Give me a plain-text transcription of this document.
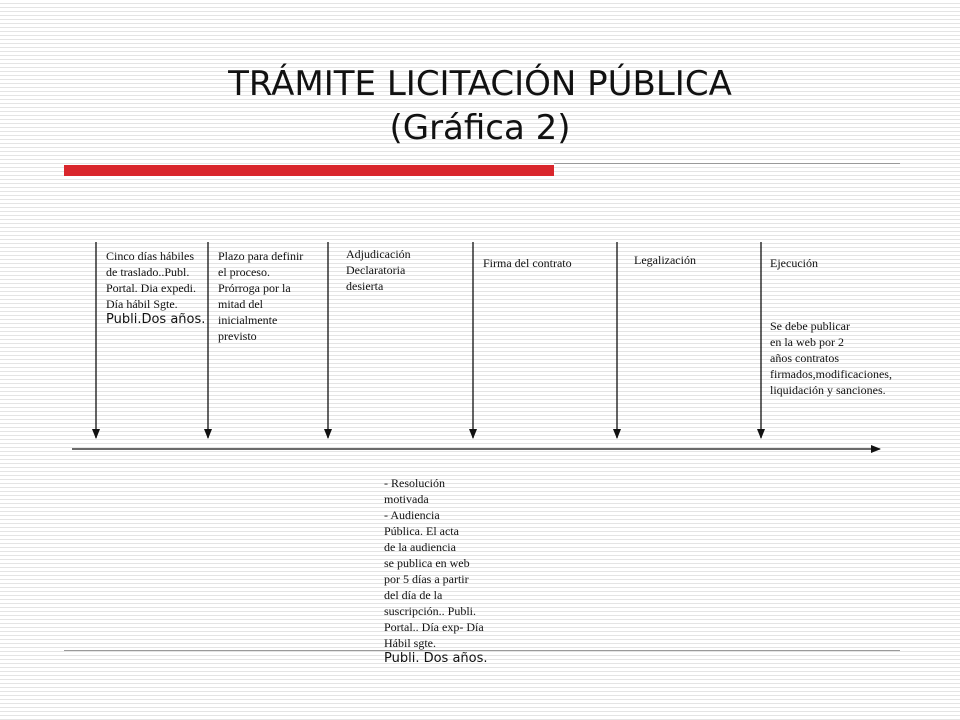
TRÁMITE LICITACIÓN PÚBLICA
(Gráfica 2)
Cinco días hábiles
de traslado..Publ.
Portal. Dia expedi.
Día hábil Sgte.
Publi.Dos años.
Plazo para definir
el proceso.
Prórroga por la
mitad del
inicialmente
previsto
Adjudicación
Declaratoria
desierta
Firma del contrato	Legalización	Ejecución
Se debe publicar
en la web por 2
años contratos
firmados,modificaciones,
liquidación y sanciones.
- Resolución
motivada
- Audiencia
Pública. El acta
de la audiencia
se publica en web
por 5 días a partir
del día de la
suscripción.. Publi.
Portal.. Día exp- Día
Hábil sgte.
Publi. Dos años.
